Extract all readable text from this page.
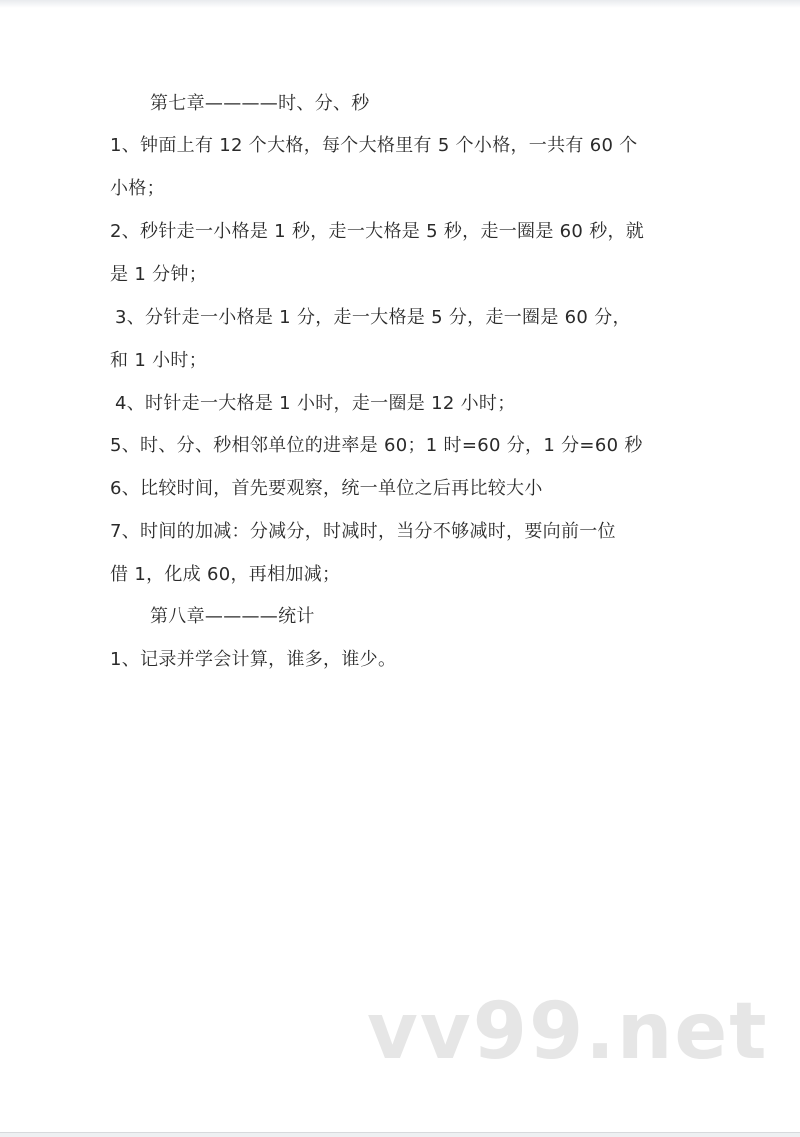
第七章————时、分、秒
1、钟面上有 12 个大格，每个大格里有 5 个小格，一共有 60 个
小格；
2、秒针走一小格是 1 秒，走一大格是 5 秒，走一圈是 60 秒，就
是 1 分钟；
3、分针走一小格是 1 分，走一大格是 5 分，走一圈是 60 分，
和 1 小时；
4、时针走一大格是 1 小时，走一圈是 12 小时；
5、时、分、秒相邻单位的进率是 60；1 时=60 分，1 分=60 秒
6、比较时间，首先要观察，统一单位之后再比较大小
7、时间的加减：分减分，时减时，当分不够减时，要向前一位
借 1，化成 60，再相加减；
第八章————统计
1、记录并学会计算，谁多，谁少。
vv99.net
